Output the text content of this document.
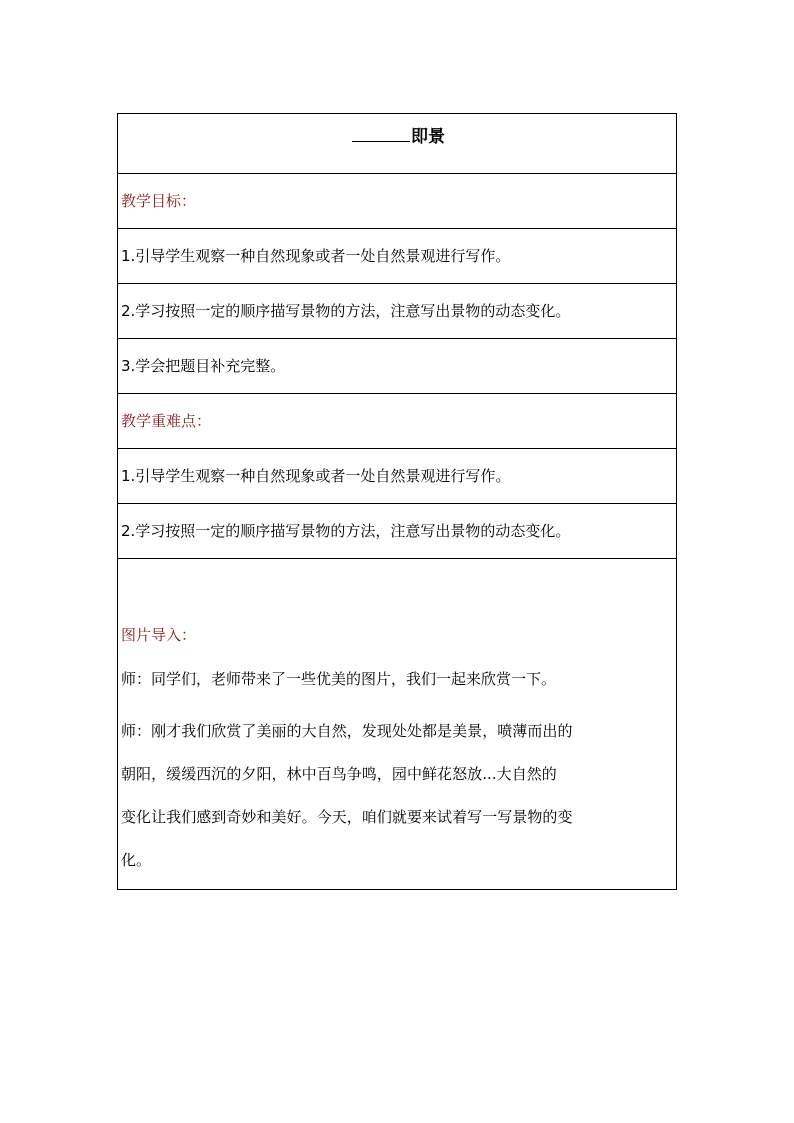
即景
教学目标：
1.引导学生观察一种自然现象或者一处自然景观进行写作。
2.学习按照一定的顺序描写景物的方法，注意写出景物的动态变化。
3.学会把题目补充完整。
教学重难点：
1.引导学生观察一种自然现象或者一处自然景观进行写作。
2.学习按照一定的顺序描写景物的方法，注意写出景物的动态变化。

图片导入：
师：同学们，老师带来了一些优美的图片，我们一起来欣赏一下。
师：刚才我们欣赏了美丽的大自然，发现处处都是美景，喷薄而出的
朝阳，缓缓西沉的夕阳，林中百鸟争鸣，园中鲜花怒放...大自然的
变化让我们感到奇妙和美好。今天，咱们就要来试着写一写景物的变
化。
